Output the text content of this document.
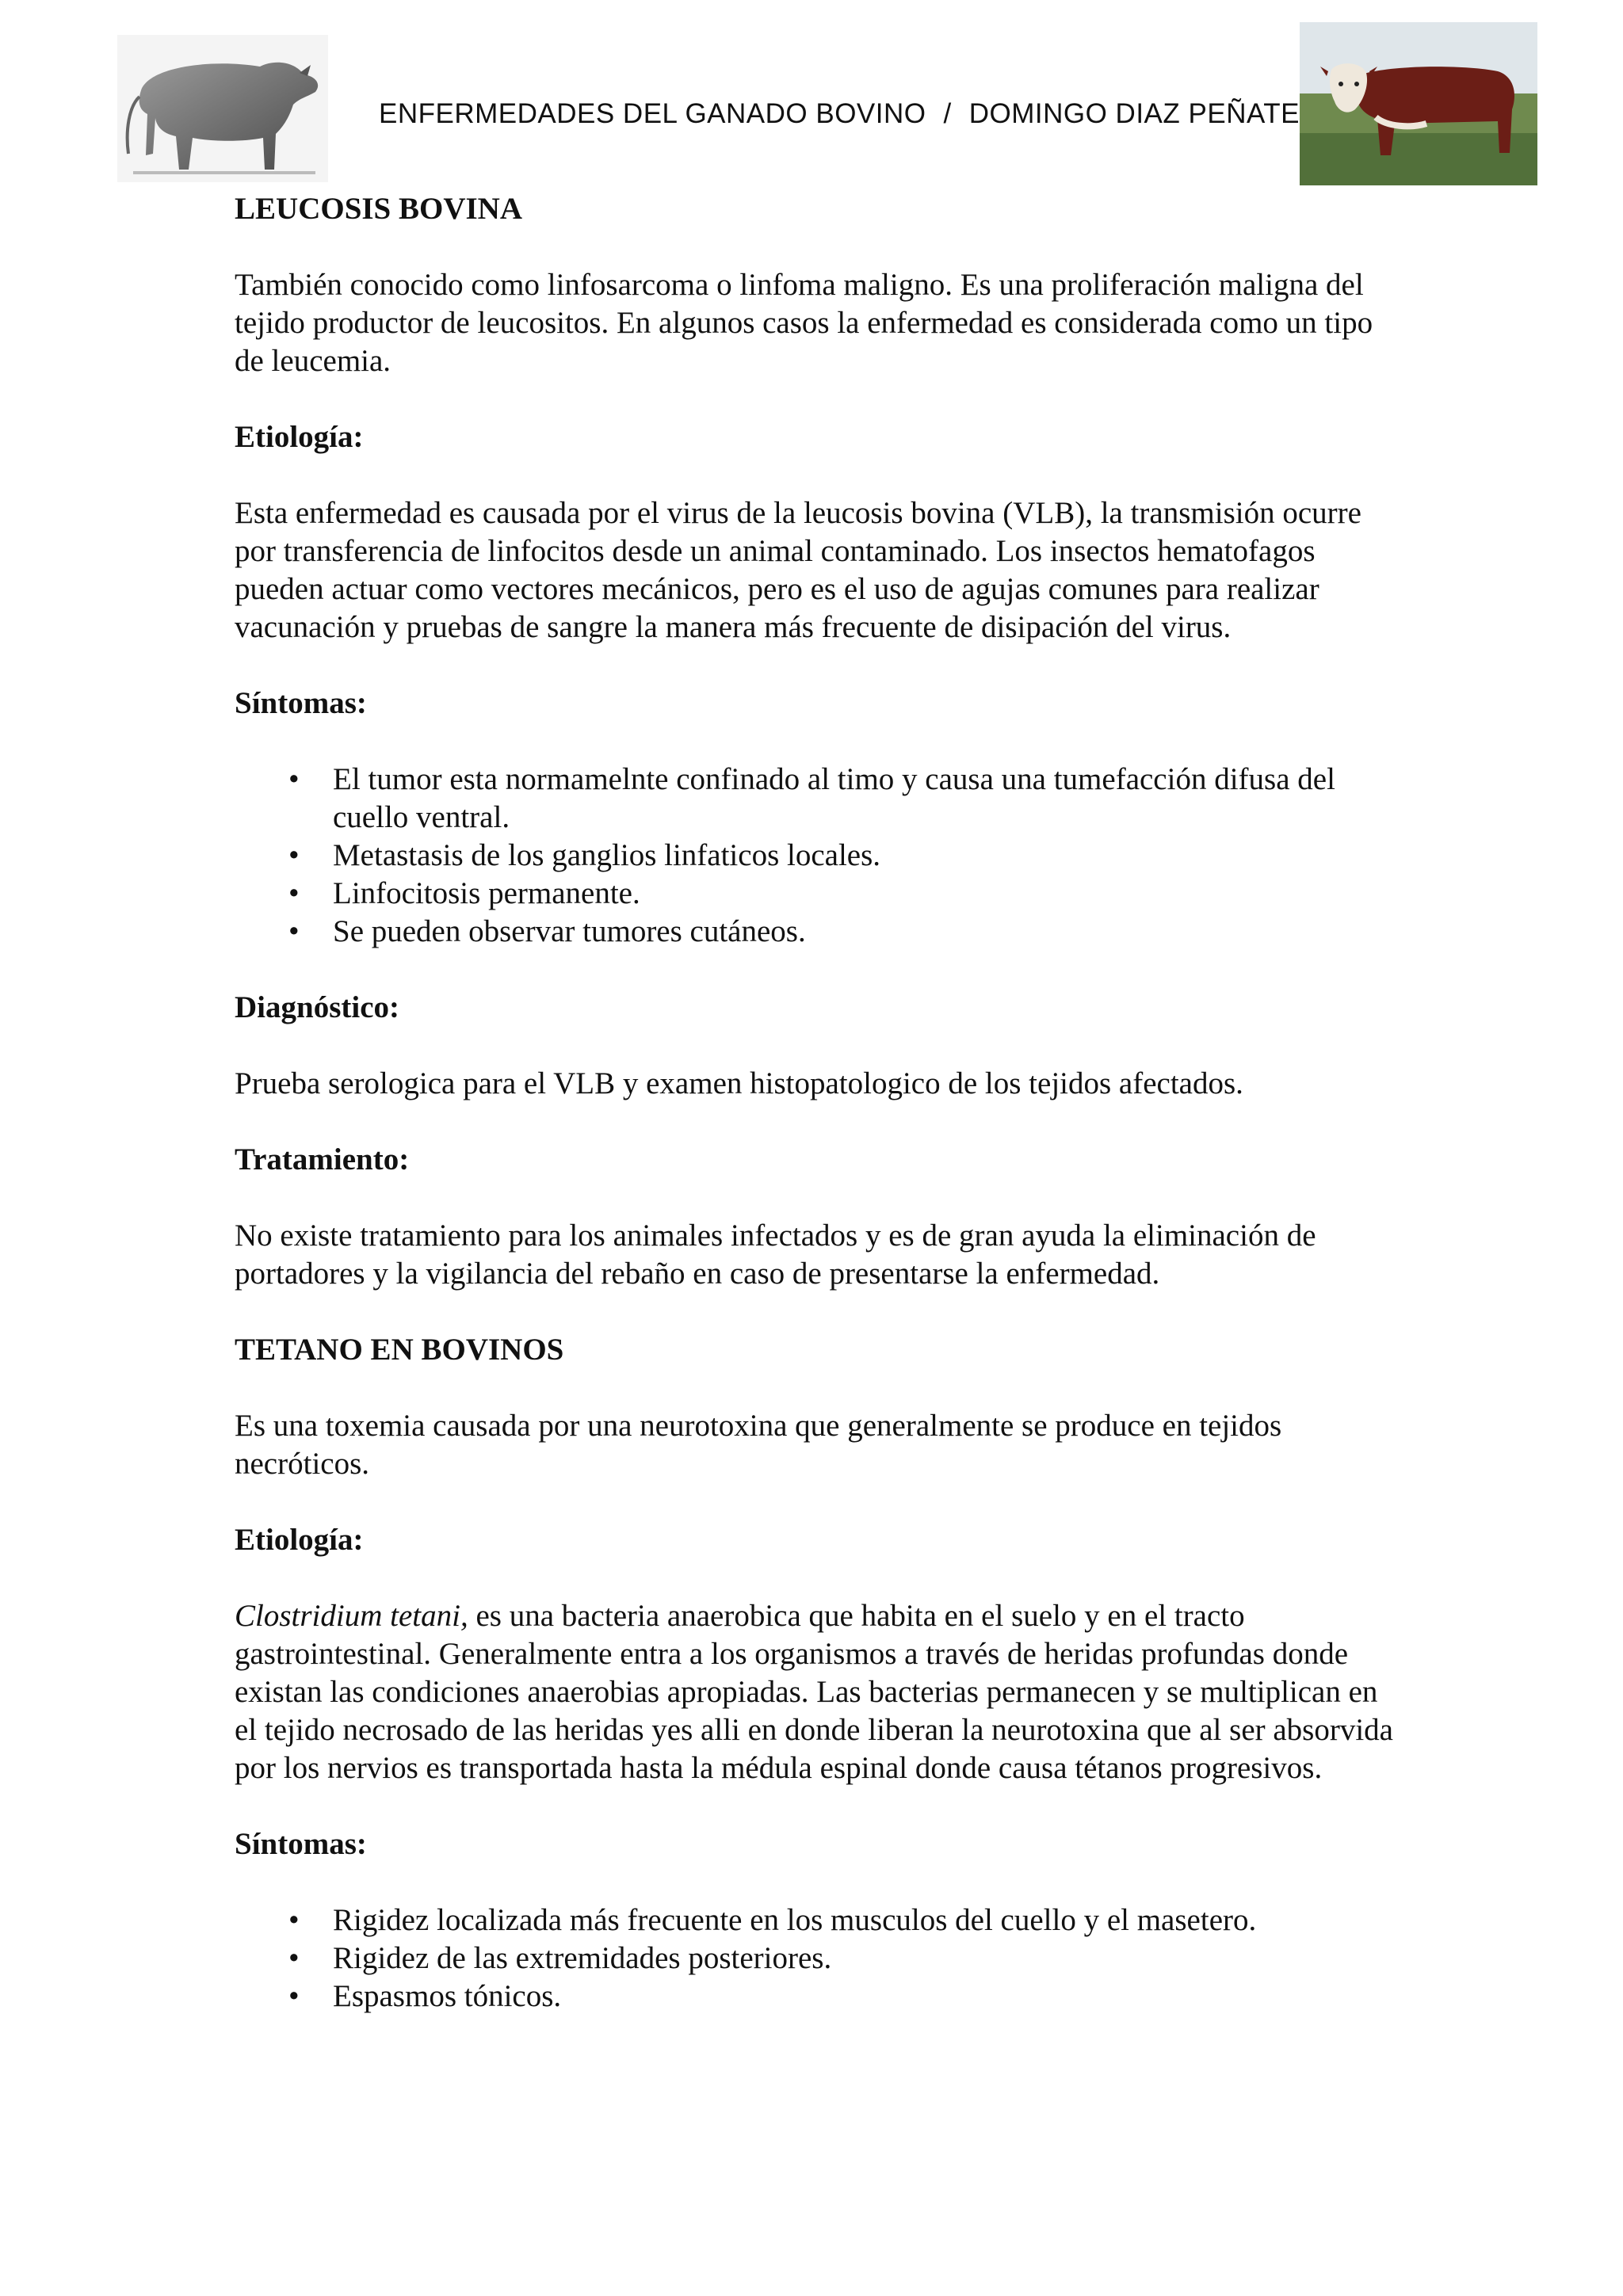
ENFERMEDADES DEL GANADO BOVINO / DOMINGO DIAZ PEÑATE
LEUCOSIS BOVINA

También conocido como linfosarcoma o linfoma maligno. Es una proliferación maligna del tejido productor de leucositos. En algunos casos la enfermedad es considerada como un tipo de leucemia.

Etiología:

Esta enfermedad es causada por el virus de la leucosis bovina (VLB), la transmisión ocurre por transferencia de linfocitos desde un animal contaminado. Los insectos hematofagos pueden actuar como vectores mecánicos, pero es el uso de agujas comunes para realizar vacunación y pruebas de sangre la manera más frecuente de disipación del virus.

Síntomas:
• El tumor esta normamelnte confinado al timo y causa una tumefacción difusa del cuello ventral.
• Metastasis de los ganglios linfaticos locales.
• Linfocitosis permanente.
• Se pueden observar tumores cutáneos.
Diagnóstico:

Prueba serologica para el VLB y examen histopatologico de los tejidos afectados.

Tratamiento:

No existe tratamiento para los animales infectados y es de gran ayuda la eliminación de portadores y la vigilancia del rebaño en caso de presentarse la enfermedad.

TETANO EN BOVINOS

Es una toxemia causada por una neurotoxina que generalmente se produce en tejidos necróticos.

Etiología:

Clostridium tetani, es una bacteria anaerobica que habita en el suelo y en el tracto gastrointestinal. Generalmente entra a los organismos a través de heridas profundas donde existan las condiciones anaerobias apropiadas. Las bacterias permanecen y se multiplican en el tejido necrosado de las heridas yes alli en donde liberan la neurotoxina que al ser absorvida por los nervios es transportada hasta la médula espinal donde causa tétanos progresivos.

Síntomas:
• Rigidez localizada más frecuente en los musculos del cuello y el masetero.
• Rigidez de las extremidades posteriores.
• Espasmos tónicos.
